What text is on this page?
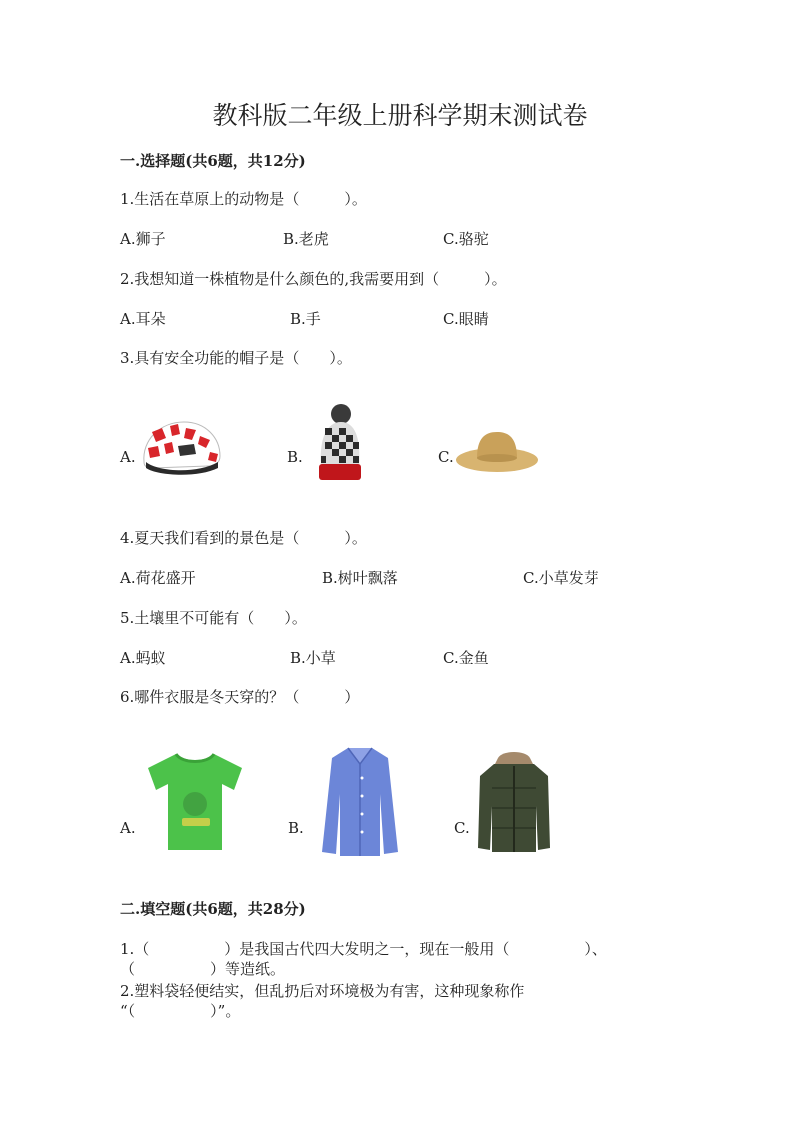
教科版二年级上册科学期末测试卷
一.选择题(共6题，共12分)
1.生活在草原上的动物是（　　　）。
A.狮子	B.老虎	C.骆驼
2.我想知道一株植物是什么颜色的,我需要用到（　　　）。
A.耳朵	B.手	C.眼睛
3.具有安全功能的帽子是（　　）。
A.	B.	C.
4.夏天我们看到的景色是（　　　）。
A.荷花盛开	B.树叶飘落	C.小草发芽
5.土壤里不可能有（　　）。
A.蚂蚁	B.小草	C.金鱼
6.哪件衣服是冬天穿的？（　　　）
A.	B.	C.
二.填空题(共6题，共28分)
1.（　　　　　）是我国古代四大发明之一，现在一般用（　　　　　）、
（　　　　　）等造纸。
2.塑料袋轻便结实，但乱扔后对环境极为有害，这种现象称作
“（　　　　　）”。
